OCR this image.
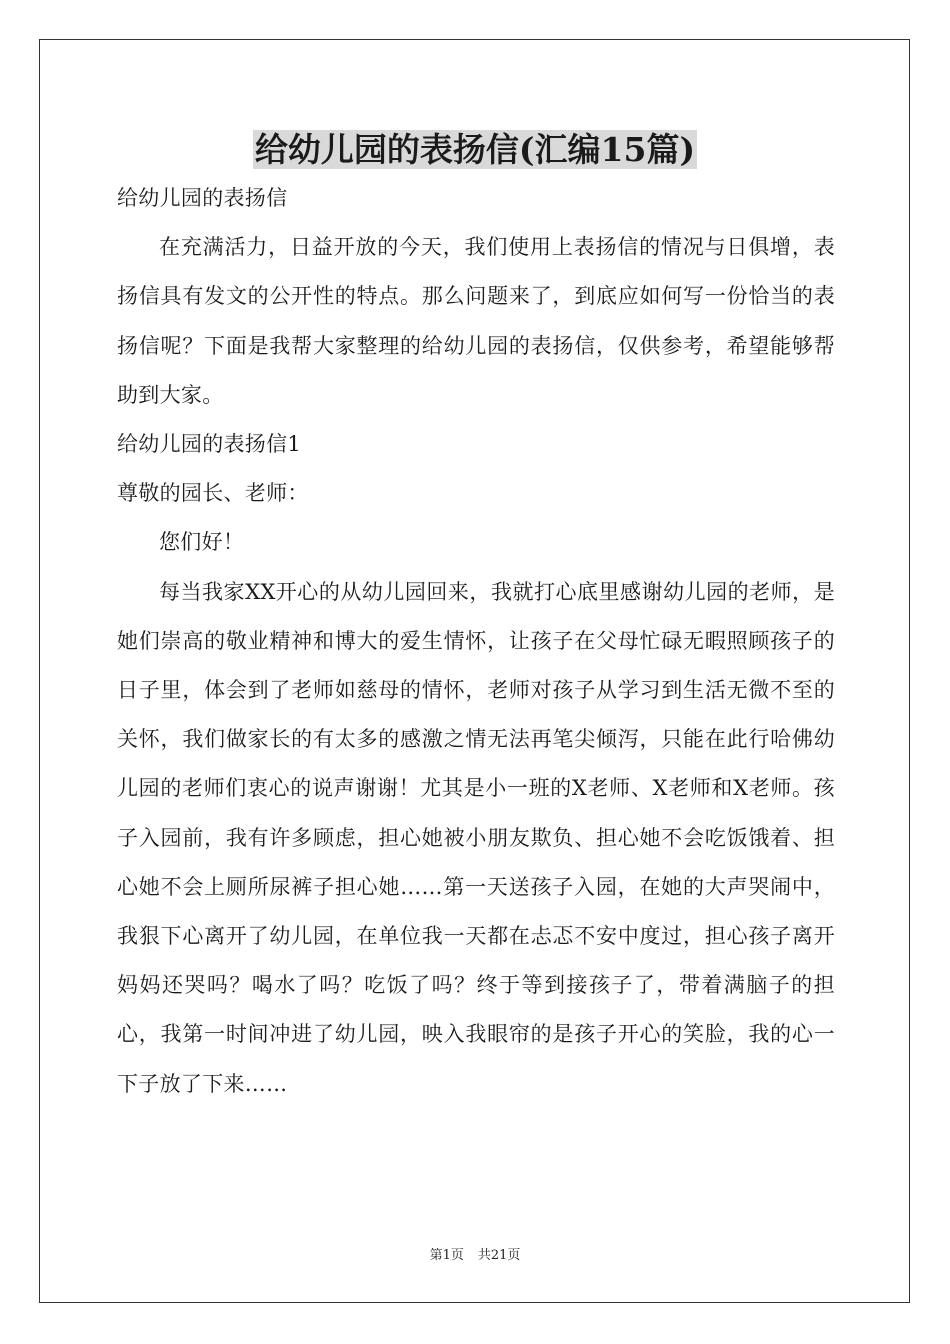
给幼儿园的表扬信(汇编15篇)

给幼儿园的表扬信

在充满活力，日益开放的今天，我们使用上表扬信的情况与日俱增，表扬信具有发文的公开性的特点。那么问题来了，到底应如何写一份恰当的表扬信呢？下面是我帮大家整理的给幼儿园的表扬信，仅供参考，希望能够帮助到大家。

给幼儿园的表扬信1

尊敬的园长、老师：

您们好！

每当我家XX开心的从幼儿园回来，我就打心底里感谢幼儿园的老师，是她们崇高的敬业精神和博大的爱生情怀，让孩子在父母忙碌无暇照顾孩子的日子里，体会到了老师如慈母的情怀，老师对孩子从学习到生活无微不至的关怀，我们做家长的有太多的感激之情无法再笔尖倾泻，只能在此行哈佛幼儿园的老师们衷心的说声谢谢！尤其是小一班的X老师、X老师和X老师。孩子入园前，我有许多顾虑，担心她被小朋友欺负、担心她不会吃饭饿着、担心她不会上厕所尿裤子担心她……第一天送孩子入园，在她的大声哭闹中，我狠下心离开了幼儿园，在单位我一天都在忐忑不安中度过，担心孩子离开妈妈还哭吗？喝水了吗？吃饭了吗？终于等到接孩子了，带着满脑子的担心，我第一时间冲进了幼儿园，映入我眼帘的是孩子开心的笑脸，我的心一下子放了下来……

第1页 共21页
